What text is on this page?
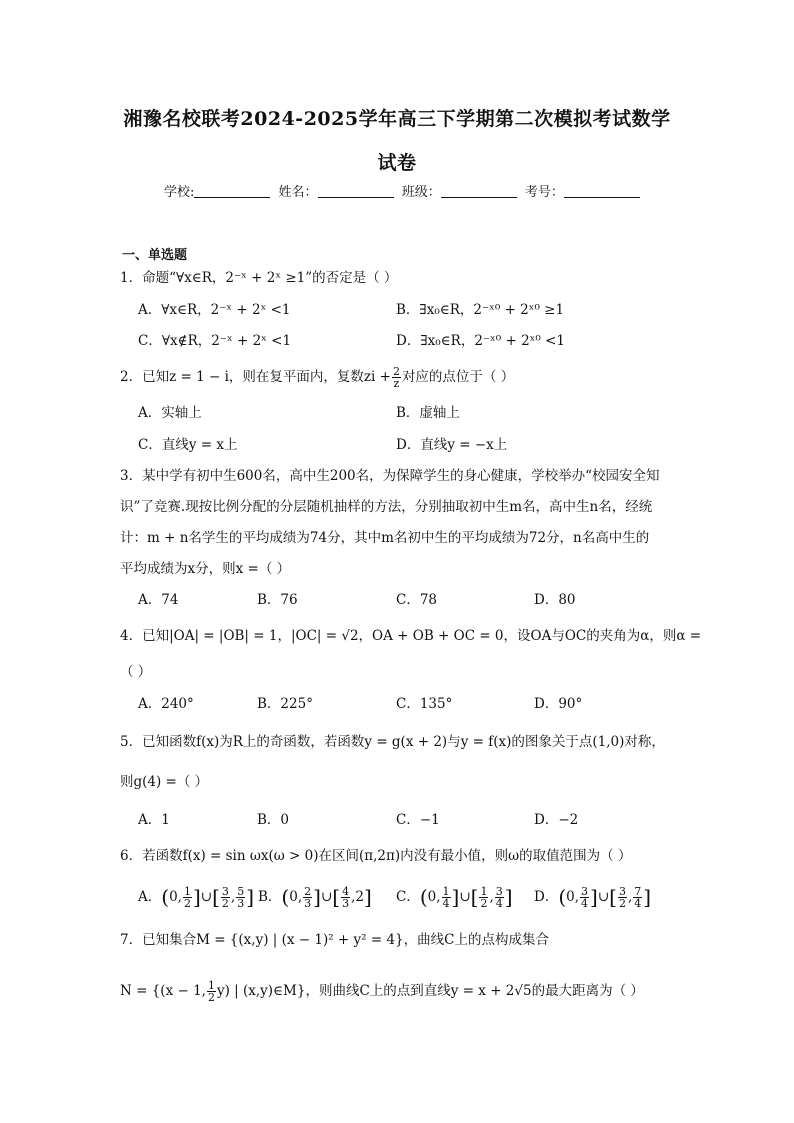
湘豫名校联考2024-2025学年高三下学期第二次模拟考试数学
试卷
学校:	姓名：	班级：	考号：
一、单选题
1．命题“∀x∈R，2⁻ˣ + 2ˣ ≥1”的否定是（ ）
A．∀x∈R，2⁻ˣ + 2ˣ <1	B．∃x₀∈R，2⁻ˣ⁰ + 2ˣ⁰ ≥1
C．∀x∉R，2⁻ˣ + 2ˣ <1	D．∃x₀∈R，2⁻ˣ⁰ + 2ˣ⁰ <1
2．已知z = 1 − i，则在复平面内，复数zi + $\frac{2}{z}$ 对应的点位于（ ）
A．实轴上	B．虚轴上
C．直线y = x上	D．直线y = −x上
3．某中学有初中生600名，高中生200名，为保障学生的身心健康，学校举办“校园安全知
识”了竞赛.现按比例分配的分层随机抽样的方法，分别抽取初中生m名，高中生n名，经统
计：m + n名学生的平均成绩为74分，其中m名初中生的平均成绩为72分，n名高中生的
平均成绩为x分，则x =（ ）
A．74	B．76	C．78	D．80
4．已知|OA| = |OB| = 1，|OC| = √2，OA + OB + OC = 0，设OA与OC的夹角为α，则α =
（ ）
A．240°	B．225°	C．135°	D．90°
5．已知函数f(x)为R上的奇函数，若函数y = g(x + 2)与y = f(x)的图象关于点(1,0)对称，
则g(4) =（ ）
A．1	B．0	C．−1	D．−2
6．若函数f(x) = sin ωx(ω > 0)在区间(π,2π)内没有最小值，则ω的取值范围为（ ）
A．(0, $\frac{1}{2}$ ]∪[ $\frac{3}{2}$ , $\frac{5}{3}$ ] B．(0, $\frac{2}{3}$ ]∪[ $\frac{4}{3} ,2$] C．(0, $\frac{1}{4}$ ]∪[ $\frac{1}{2}$ , $\frac{3}{4}$ ] D．(0, $\frac{3}{4}$ ]∪[ $\frac{3}{2}$ , $\frac{7}{4}$ ]
7．已知集合M = {(x,y) | (x − 1)² + y² = 4}，曲线C上的点构成集合
N = {(x − 1, $\frac{1}{2} y$) | (x,y)∈M}，则曲线C上的点到直线y = x + 2√5的最大距离为（ ）
